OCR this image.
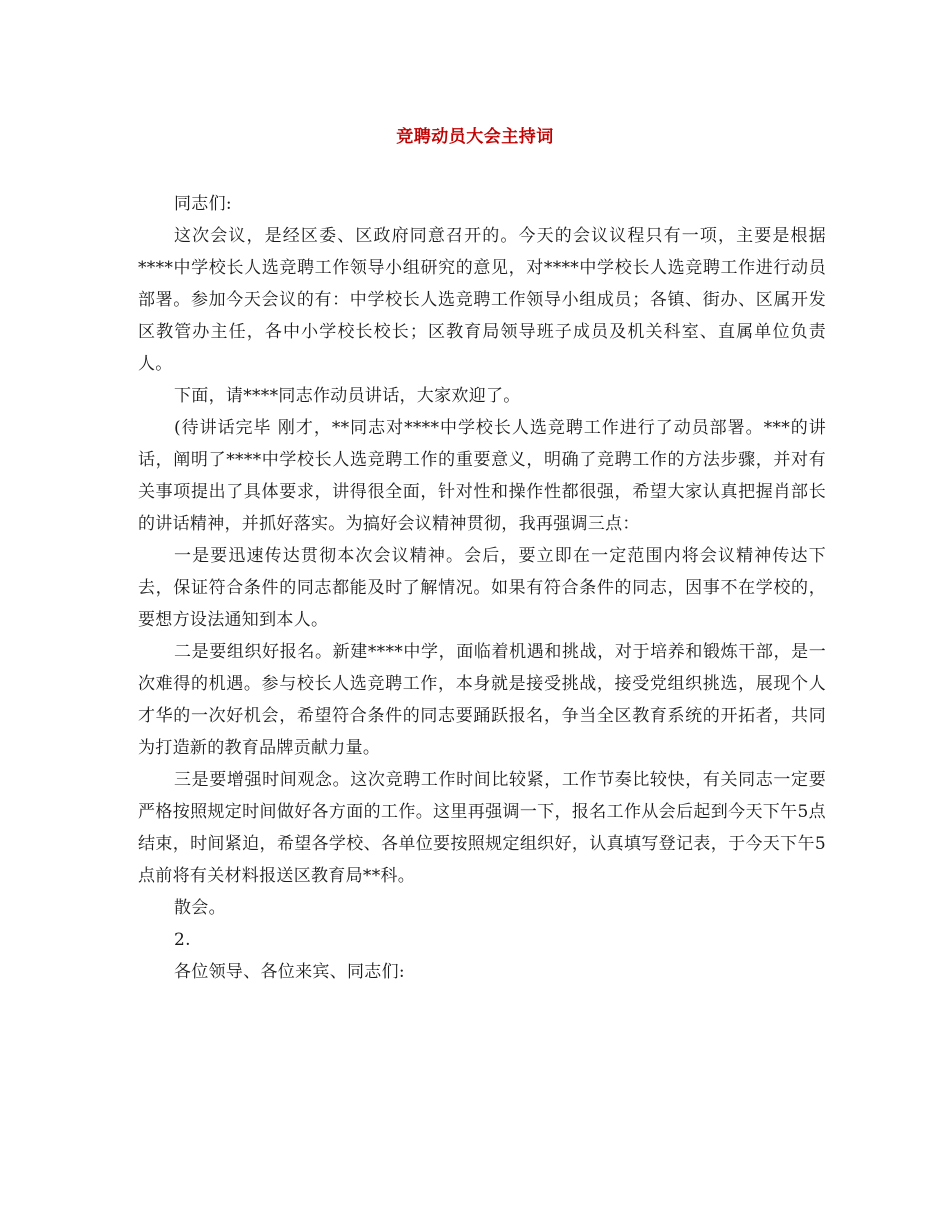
竞聘动员大会主持词

同志们:

这次会议，是经区委、区政府同意召开的。今天的会议议程只有一项，主要是根据****中学校长人选竞聘工作领导小组研究的意见，对****中学校长人选竞聘工作进行动员部署。参加今天会议的有：中学校长人选竞聘工作领导小组成员；各镇、街办、区属开发区教管办主任，各中小学校长校长；区教育局领导班子成员及机关科室、直属单位负责人。

下面，请****同志作动员讲话，大家欢迎了。

(待讲话完毕 刚才，**同志对****中学校长人选竞聘工作进行了动员部署。***的讲话，阐明了****中学校长人选竞聘工作的重要意义，明确了竞聘工作的方法步骤，并对有关事项提出了具体要求，讲得很全面，针对性和操作性都很强，希望大家认真把握肖部长的讲话精神，并抓好落实。为搞好会议精神贯彻，我再强调三点：

一是要迅速传达贯彻本次会议精神。会后，要立即在一定范围内将会议精神传达下去，保证符合条件的同志都能及时了解情况。如果有符合条件的同志，因事不在学校的，要想方设法通知到本人。

二是要组织好报名。新建****中学，面临着机遇和挑战，对于培养和锻炼干部，是一次难得的机遇。参与校长人选竞聘工作，本身就是接受挑战，接受党组织挑选，展现个人才华的一次好机会，希望符合条件的同志要踊跃报名，争当全区教育系统的开拓者，共同为打造新的教育品牌贡献力量。

三是要增强时间观念。这次竞聘工作时间比较紧，工作节奏比较快，有关同志一定要严格按照规定时间做好各方面的工作。这里再强调一下，报名工作从会后起到今天下午5点结束，时间紧迫，希望各学校、各单位要按照规定组织好，认真填写登记表，于今天下午5点前将有关材料报送区教育局**科。

散会。

2.

各位领导、各位来宾、同志们:
